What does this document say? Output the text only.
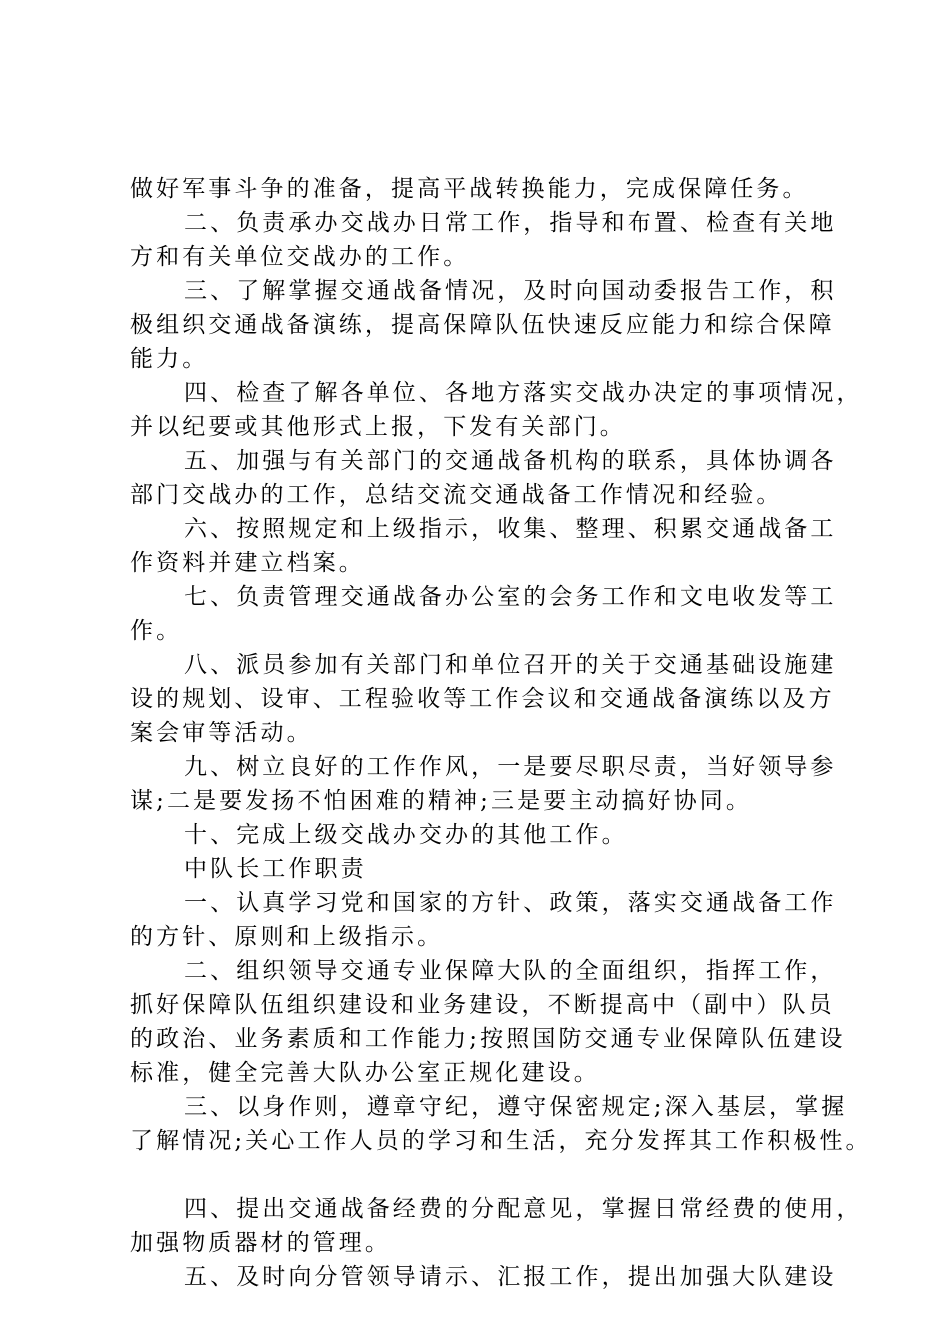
做好军事斗争的准备，提高平战转换能力，完成保障任务。
二、负责承办交战办日常工作，指导和布置、检查有关地
方和有关单位交战办的工作。
三、了解掌握交通战备情况，及时向国动委报告工作，积
极组织交通战备演练，提高保障队伍快速反应能力和综合保障
能力。
四、检查了解各单位、各地方落实交战办决定的事项情况，
并以纪要或其他形式上报，下发有关部门。
五、加强与有关部门的交通战备机构的联系，具体协调各
部门交战办的工作，总结交流交通战备工作情况和经验。
六、按照规定和上级指示，收集、整理、积累交通战备工
作资料并建立档案。
七、负责管理交通战备办公室的会务工作和文电收发等工
作。
八、派员参加有关部门和单位召开的关于交通基础设施建
设的规划、设审、工程验收等工作会议和交通战备演练以及方
案会审等活动。
九、树立良好的工作作风，一是要尽职尽责，当好领导参
谋;二是要发扬不怕困难的精神;三是要主动搞好协同。
十、完成上级交战办交办的其他工作。
中队长工作职责
一、认真学习党和国家的方针、政策，落实交通战备工作
的方针、原则和上级指示。
二、组织领导交通专业保障大队的全面组织，指挥工作，
抓好保障队伍组织建设和业务建设，不断提高中（副中）队员
的政治、业务素质和工作能力;按照国防交通专业保障队伍建设
标准，健全完善大队办公室正规化建设。
三、以身作则，遵章守纪，遵守保密规定;深入基层，掌握
了解情况;关心工作人员的学习和生活，充分发挥其工作积极性。
四、提出交通战备经费的分配意见，掌握日常经费的使用，
加强物质器材的管理。
五、及时向分管领导请示、汇报工作，提出加强大队建设
